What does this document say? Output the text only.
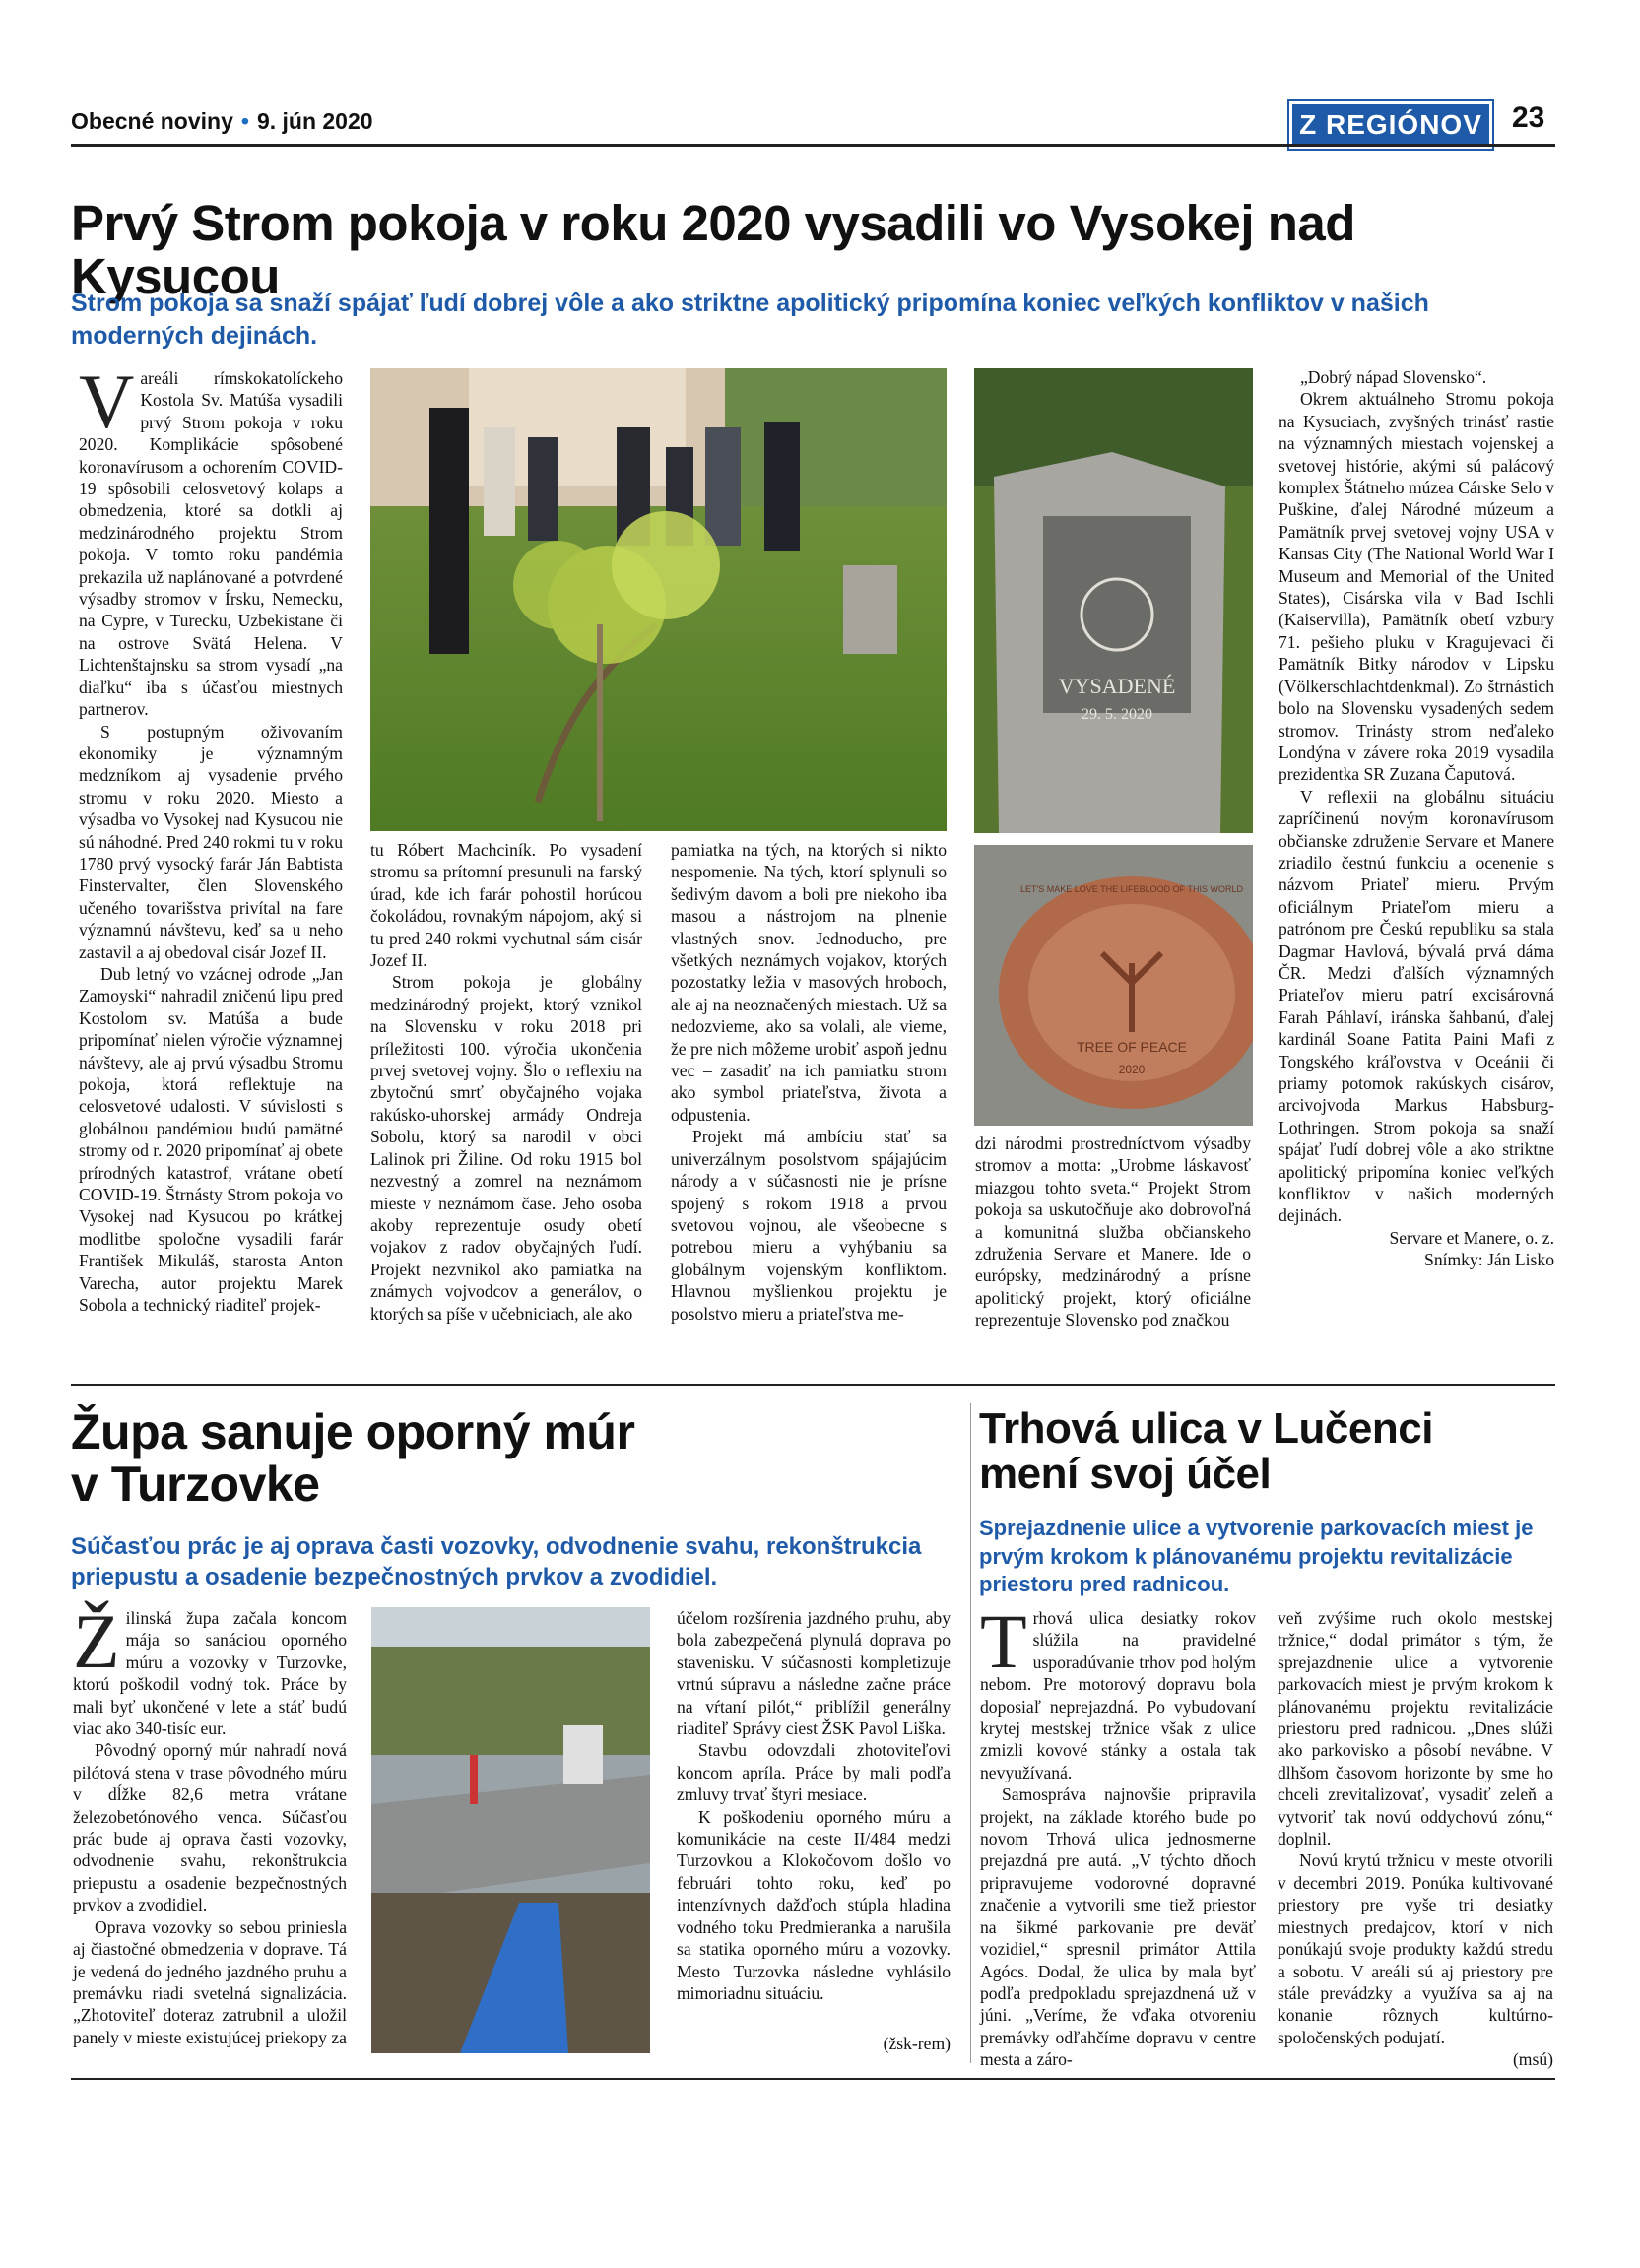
Obecné noviny • 9. jún 2020	Z REGIÓNOV	23
Prvý Strom pokoja v roku 2020 vysadili vo Vysokej nad Kysucou
Strom pokoja sa snaží spájať ľudí dobrej vôle a ako striktne apolitický pripomína koniec veľkých konfliktov v našich moderných dejinách.

Vareáli rímskokatolíckeho Kostola Sv. Matúša vysadili prvý Strom pokoja v roku 2020. Komplikácie spôsobené koronavírusom a ochorením COVID-19 spôsobili celosvetový kolaps a obmedzenia, ktoré sa dotkli aj medzinárodného projektu Strom pokoja. V tomto roku pandémia prekazila už naplánované a potvrdené výsadby stromov v Írsku, Nemecku, na Cypre, v Turecku, Uzbekistane či na ostrove Svätá Helena. V Lichtenštajnsku sa strom vysadí „na diaľku“ iba s účasťou miestnych partnerov.

S postupným oživovaním ekonomiky je významným medzníkom aj vysadenie prvého stromu v roku 2020. Miesto a výsadba vo Vysokej nad Kysucou nie sú náhodné. Pred 240 rokmi tu v roku 1780 prvý vysocký farár Ján Babtista Finstervalter, člen Slovenského učeného tovarišstva privítal na fare významnú návštevu, keď sa u neho zastavil a aj obedoval cisár Jozef II.

Dub letný vo vzácnej odrode „Jan Zamoyski“ nahradil zničenú lipu pred Kostolom sv. Matúša a bude pripomínať nielen výročie významnej návštevy, ale aj prvú výsadbu Stromu pokoja, ktorá reflektuje na celosvetové udalosti. V súvislosti s globálnou pandémiou budú pamätné stromy od r. 2020 pripomínať aj obete prírodných katastrof, vrátane obetí COVID-19. Štrnásty Strom pokoja vo Vysokej nad Kysucou po krátkej modlitbe spoločne vysadili farár František Mikuláš, starosta Anton Varecha, autor projektu Marek Sobola a technický riaditeľ projek-

tu Róbert Machciník. Po vysadení stromu sa prítomní presunuli na farský úrad, kde ich farár pohostil horúcou čokoládou, rovnakým nápojom, aký si tu pred 240 rokmi vychutnal sám cisár Jozef II.

Strom pokoja je globálny medzinárodný projekt, ktorý vznikol na Slovensku v roku 2018 pri príležitosti 100. výročia ukončenia prvej svetovej vojny. Šlo o reflexiu na zbytočnú smrť obyčajného vojaka rakúsko-uhorskej armády Ondreja Sobolu, ktorý sa narodil v obci Lalinok pri Žiline. Od roku 1915 bol nezvestný a zomrel na neznámom mieste v neznámom čase. Jeho osoba akoby reprezentuje osudy obetí vojakov z radov obyčajných ľudí. Projekt nezvnikol ako pamiatka na známych vojvodcov a generálov, o ktorých sa píše v učebniciach, ale ako

pamiatka na tých, na ktorých si nikto nespomenie. Na tých, ktorí splynuli so šedivým davom a boli pre niekoho iba masou a nástrojom na plnenie vlastných snov. Jednoducho, pre všetkých neznámych vojakov, ktorých pozostatky ležia v masových hroboch, ale aj na neoznačených miestach. Už sa nedozvieme, ako sa volali, ale vieme, že pre nich môžeme urobiť aspoň jednu vec – zasadiť na ich pamiatku strom ako symbol priateľstva, života a odpustenia.

Projekt má ambíciu stať sa univerzálnym posolstvom spájajúcim národy a v súčasnosti nie je prísne spojený s rokom 1918 a prvou svetovou vojnou, ale všeobecne s potrebou mieru a vyhýbaniu sa globálnym vojenským konfliktom. Hlavnou myšlienkou projektu je posolstvo mieru a priateľstva me-

VYSADENÉ
29. 5. 2020
TREE OF PEACE
2020
LET'S MAKE LOVE THE LIFEBLOOD OF THIS WORLD

dzi národmi prostredníctvom výsadby stromov a motta: „Urobme láskavosť miazgou tohto sveta.“ Projekt Strom pokoja sa uskutočňuje ako dobrovoľná a komunitná služba občianskeho združenia Servare et Manere. Ide o európsky, medzinárodný a prísne apolitický projekt, ktorý oficiálne reprezentuje Slovensko pod značkou

„Dobrý nápad Slovensko“.

Okrem aktuálneho Stromu pokoja na Kysuciach, zvyšných trinásť rastie na významných miestach vojenskej a svetovej histórie, akými sú palácový komplex Štátneho múzea Cárske Selo v Puškine, ďalej Národné múzeum a Pamätník prvej svetovej vojny USA v Kansas City (The National World War I Museum and Memorial of the United States), Cisárska vila v Bad Ischli (Kaiservilla), Pamätník obetí vzbury 71. pešieho pluku v Kragujevaci či Pamätník Bitky národov v Lipsku (Völkerschlachtdenkmal). Zo štrnástich bolo na Slovensku vysadených sedem stromov. Trinásty strom neďaleko Londýna v závere roka 2019 vysadila prezidentka SR Zuzana Čaputová.

V reflexii na globálnu situáciu zapríčinenú novým koronavírusom občianske združenie Servare et Manere zriadilo čestnú funkciu a ocenenie s názvom Priateľ mieru. Prvým oficiálnym Priateľom mieru a patrónom pre Českú republiku sa stala Dagmar Havlová, bývalá prvá dáma ČR. Medzi ďalších významných Priateľov mieru patrí excisárovná Farah Páhlaví, iránska šahbanú, ďalej kardinál Soane Patita Paini Mafi z Tongského kráľovstva v Oceánii či priamy potomok rakúskych cisárov, arcivojvoda Markus Habsburg-Lothringen. Strom pokoja sa snaží spájať ľudí dobrej vôle a ako striktne apolitický pripomína koniec veľkých konfliktov v našich moderných dejinách.

Servare et Manere, o. z.
Snímky: Ján Lisko
Župa sanuje oporný múr
v Turzovke
Súčasťou prác je aj oprava časti vozovky, odvodnenie svahu, rekonštrukcia priepustu a osadenie bezpečnostných prvkov a zvodidiel.

Žilinská župa začala koncom mája so sanáciou oporného múru a vozovky v Turzovke, ktorú poškodil vodný tok. Práce by mali byť ukončené v lete a stáť budú viac ako 340-tisíc eur.

Pôvodný oporný múr nahradí nová pilótová stena v trase pôvodného múru v dĺžke 82,6 metra vrátane železobetónového venca. Súčasťou prác bude aj oprava časti vozovky, odvodnenie svahu, rekonštrukcia priepustu a osadenie bezpečnostných prvkov a zvodidiel.

Oprava vozovky so sebou priniesla aj čiastočné obmedzenia v doprave. Tá je vedená do jedného jazdného pruhu a premávku riadi svetelná signalizácia. „Zhotoviteľ doteraz zatrubnil a uložil panely v mieste existujúcej priekopy za

účelom rozšírenia jazdného pruhu, aby bola zabezpečená plynulá doprava po stavenisku. V súčasnosti kompletizuje vrtnú súpravu a následne začne práce na vŕtaní pilót,“ priblížil generálny riaditeľ Správy ciest ŽSK Pavol Liška.

Stavbu odovzdali zhotoviteľovi koncom apríla. Práce by mali podľa zmluvy trvať štyri mesiace.

K poškodeniu oporného múru a komunikácie na ceste II/484 medzi Turzovkou a Klokočovom došlo vo februári tohto roku, keď po intenzívnych dažďoch stúpla hladina vodného toku Predmieranka a narušila sa statika oporného múru a vozovky. Mesto Turzovka následne vyhlásilo mimoriadnu situáciu.

(žsk-rem)
Trhová ulica v Lučenci
mení svoj účel
Sprejazdnenie ulice a vytvorenie parkovacích miest je prvým krokom k plánovanému projektu revitalizácie priestoru pred radnicou.

Trhová ulica desiatky rokov slúžila na pravidelné usporadúvanie trhov pod holým nebom. Pre motorový dopravu bola doposiaľ neprejazdná. Po vybudovaní krytej mestskej tržnice však z ulice zmizli kovové stánky a ostala tak nevyužívaná.

Samospráva najnovšie pripravila projekt, na základe ktorého bude po novom Trhová ulica jednosmerne prejazdná pre autá. „V týchto dňoch pripravujeme vodorovné dopravné značenie a vytvorili sme tiež priestor na šikmé parkovanie pre deväť vozidiel,“ spresnil primátor Attila Agócs. Dodal, že ulica by mala byť podľa predpokladu sprejazdnená už v júni. „Veríme, že vďaka otvoreniu premávky odľahčíme dopravu v centre mesta a záro-

veň zvýšime ruch okolo mestskej tržnice,“ dodal primátor s tým, že sprejazdnenie ulice a vytvorenie parkovacích miest je prvým krokom k plánovanému projektu revitalizácie priestoru pred radnicou. „Dnes slúži ako parkovisko a pôsobí nevábne. V dlhšom časovom horizonte by sme ho chceli zrevitalizovať, vysadiť zeleň a vytvoriť tak novú oddychovú zónu,“ doplnil.

Novú krytú tržnicu v meste otvorili v decembri 2019. Ponúka kultivované priestory pre vyše tri desiatky miestnych predajcov, ktorí v nich ponúkajú svoje produkty každú stredu a sobotu. V areáli sú aj priestory pre stále prevádzky a využíva sa aj na konanie rôznych kultúrno-spoločenských podujatí.

(msú)
